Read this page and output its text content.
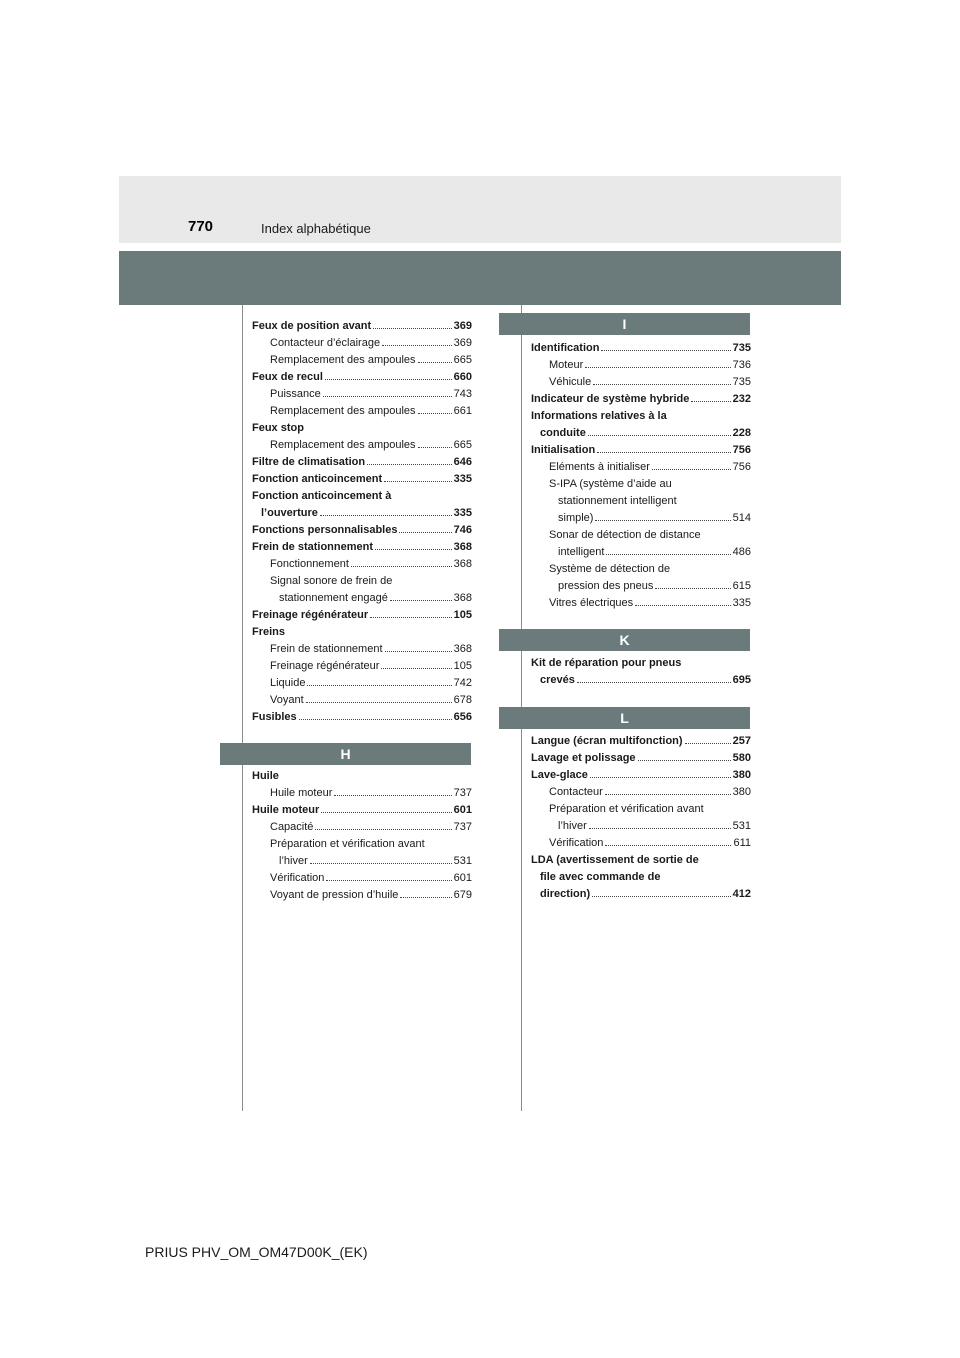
770	Index alphabétique
Feux de position avant	369
Contacteur d’éclairage	369
Remplacement des ampoules	665
Feux de recul	660
Puissance	743
Remplacement des ampoules	661
Feux stop
Remplacement des ampoules	665
Filtre de climatisation	646
Fonction anticoincement	335
Fonction anticoincement à
l’ouverture	335
Fonctions personnalisables	746
Frein de stationnement	368
Fonctionnement	368
Signal sonore de frein de
stationnement engagé	368
Freinage régénérateur	105
Freins
Frein de stationnement	368
Freinage régénérateur	105
Liquide	742
Voyant	678
Fusibles	656
H
Huile
Huile moteur	737
Huile moteur	601
Capacité	737
Préparation et vérification avant
l’hiver	531
Vérification	601
Voyant de pression d’huile	679
I
Identification	735
Moteur	736
Véhicule	735
Indicateur de système hybride	232
Informations relatives à la
conduite	228
Initialisation	756
Eléments à initialiser	756
S-IPA (système d’aide au
stationnement intelligent
simple)	514
Sonar de détection de distance
intelligent	486
Système de détection de
pression des pneus	615
Vitres électriques	335
K
Kit de réparation pour pneus
crevés	695
L
Langue (écran multifonction)	257
Lavage et polissage	580
Lave-glace	380
Contacteur	380
Préparation et vérification avant
l’hiver	531
Vérification	611
LDA (avertissement de sortie de
file avec commande de
direction)	412
PRIUS PHV_OM_OM47D00K_(EK)
